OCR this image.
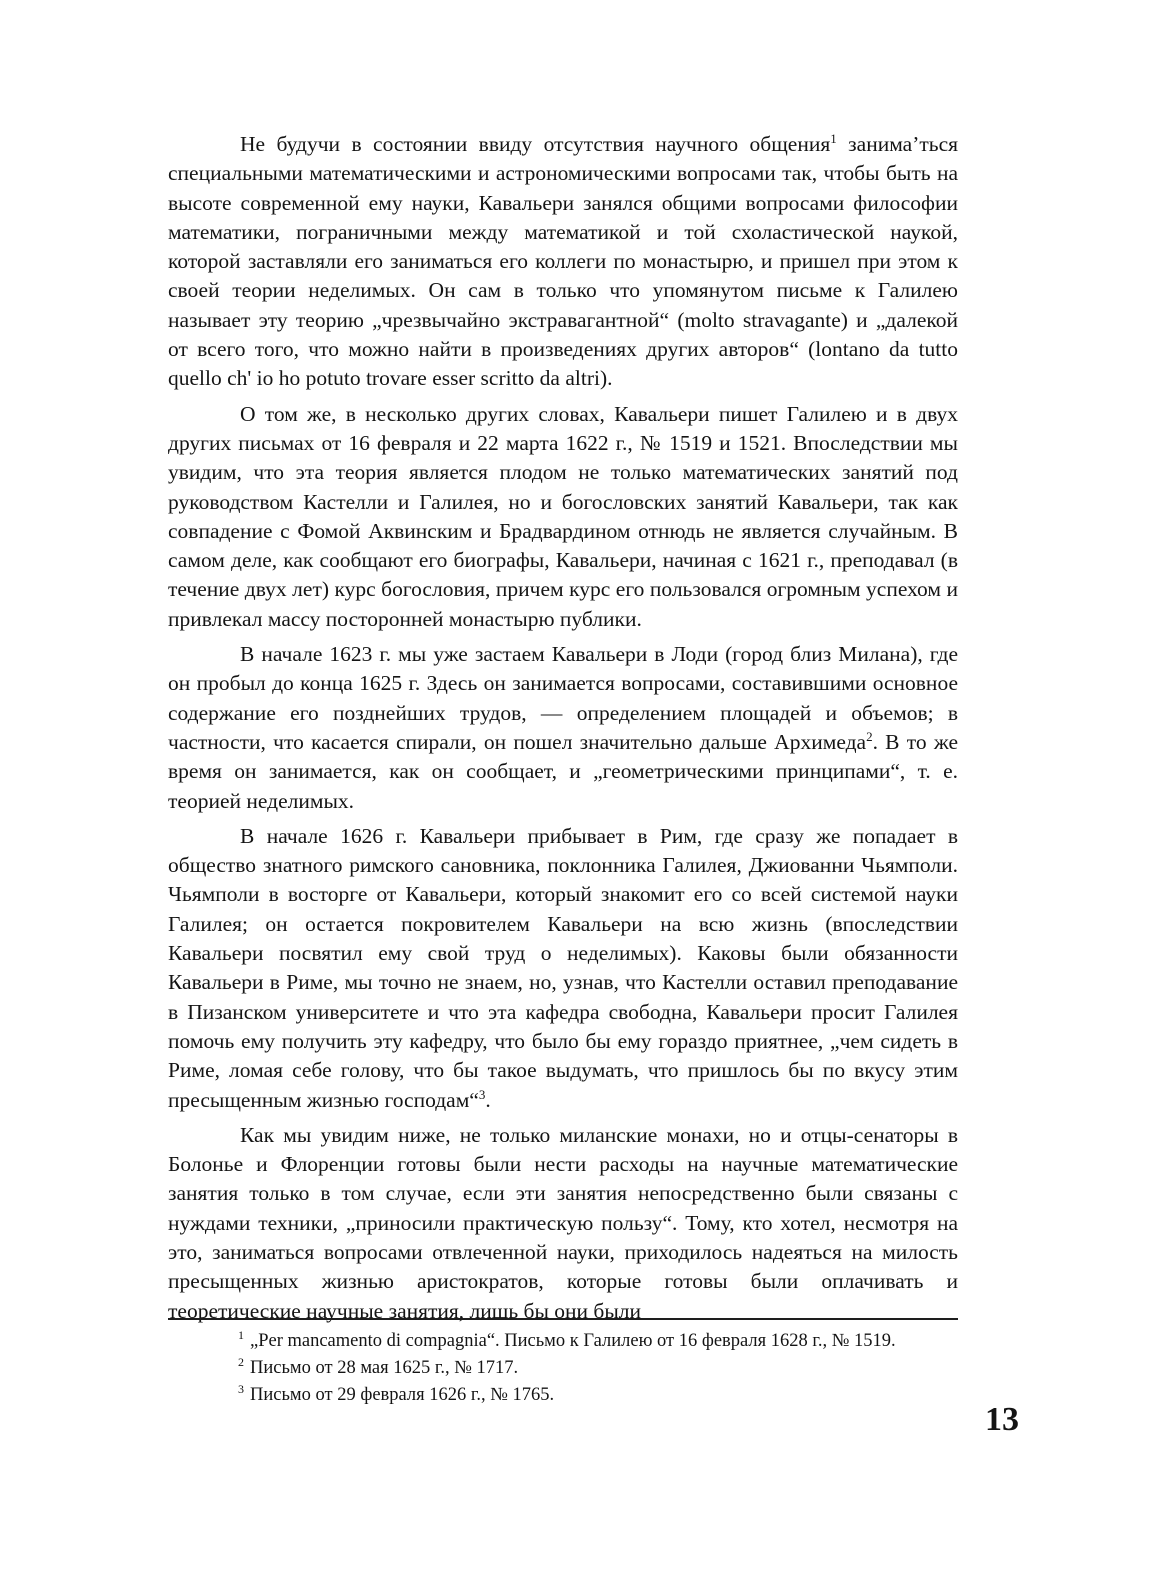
Не будучи в состоянии ввиду отсутствия научного общения$^1$ занимаʼться специальными математическими и астрономическими вопросами так, чтобы быть на высоте современной ему науки, Кавальери занялся общими вопросами философии математики, пограничными между математикой и той схоластической наукой, которой заставляли его заниматься его коллеги по монастырю, и пришел при этом к своей теории неделимых. Он сам в только что упомянутом письме к Галилею называет эту теорию „чрезвычайно экстравагантной“ (molto stravagante) и „далекой от всего того, что можно найти в произведениях других авторов“ (lontano da tutto quello ch' io ho potuto trovare esser scritto da altri).

О том же, в несколько других словах, Кавальери пишет Галилею и в двух других письмах от 16 февраля и 22 марта 1622 г., № 1519 и 1521. Впоследствии мы увидим, что эта теория является плодом не только математических занятий под руководством Кастелли и Галилея, но и богословских занятий Кавальери, так как совпадение с Фомой Аквинским и Брадвардином отнюдь не является случайным. В самом деле, как сообщают его биографы, Кавальери, начиная с 1621 г., преподавал (в течение двух лет) курс богословия, причем курс его пользовался огромным успехом и привлекал массу посторонней монастырю публики.

В начале 1623 г. мы уже застаем Кавальери в Лоди (город близ Милана), где он пробыл до конца 1625 г. Здесь он занимается вопросами, составившими основное содержание его позднейших трудов, — определением площадей и объемов; в частности, что касается спирали, он пошел значительно дальше Архимеда$^2$. В то же время он занимается, как он сообщает, и „геометрическими принципами“, т. е. теорией неделимых.

В начале 1626 г. Кавальери прибывает в Рим, где сразу же попадает в общество знатного римского сановника, поклонника Галилея, Джиованни Чьямполи. Чьямполи в восторге от Кавальери, который знакомит его со всей системой науки Галилея; он остается покровителем Кавальери на всю жизнь (впоследствии Кавальери посвятил ему свой труд о неделимых). Каковы были обязанности Кавальери в Риме, мы точно не знаем, но, узнав, что Кастелли оставил преподавание в Пизанском университете и что эта кафедра свободна, Кавальери просит Галилея помочь ему получить эту кафедру, что было бы ему гораздо приятнее, „чем сидеть в Риме, ломая себе голову, что бы такое выдумать, что пришлось бы по вкусу этим пресыщенным жизнью господам“$^3$.

Как мы увидим ниже, не только миланские монахи, но и отцы-сенаторы в Болонье и Флоренции готовы были нести расходы на научные математические занятия только в том случае, если эти занятия непосредственно были связаны с нуждами техники, „приносили практическую пользу“. Тому, кто хотел, несмотря на это, заниматься вопросами отвлеченной науки, приходилось надеяться на милость пресыщенных жизнью аристократов, которые готовы были оплачивать и теоретические научные занятия, лишь бы они были

$^1$ „Per mancamento di compagnia“. Письмо к Галилею от 16 февраля 1628 г., № 1519.

$^2$ Письмо от 28 мая 1625 г., № 1717.

$^3$ Письмо от 29 февраля 1626 г., № 1765.

13
